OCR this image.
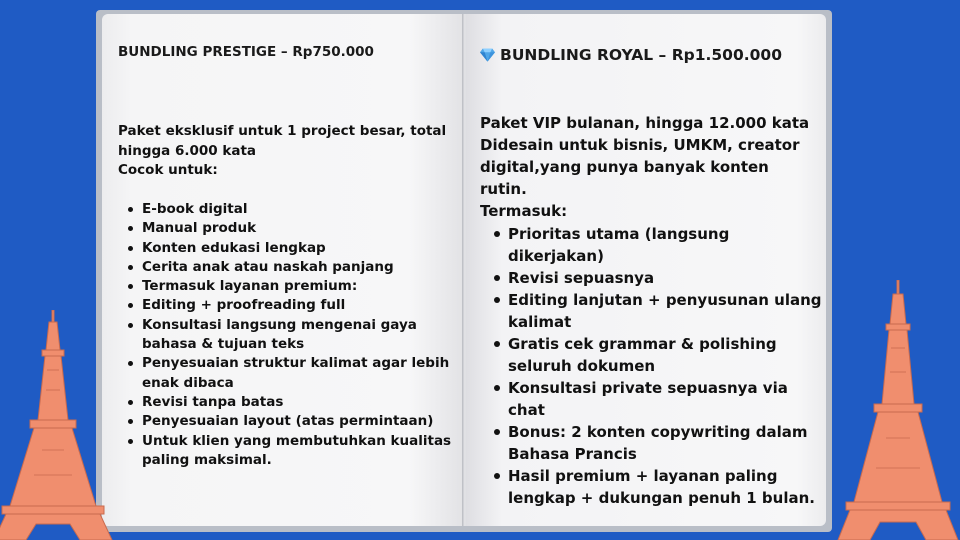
BUNDLING PRESTIGE – Rp750.000

Paket eksklusif untuk 1 project besar, total hingga 6.000 kata
Cocok untuk:

E-book digital
Manual produk
Konten edukasi lengkap
Cerita anak atau naskah panjang
Termasuk layanan premium:
Editing + proofreading full
Konsultasi langsung mengenai gaya bahasa & tujuan teks
Penyesuaian struktur kalimat agar lebih enak dibaca
Revisi tanpa batas
Penyesuaian layout (atas permintaan)
Untuk klien yang membutuhkan kualitas paling maksimal.
BUNDLING ROYAL – Rp1.500.000

Paket VIP bulanan, hingga 12.000 kata
Didesain untuk bisnis, UMKM, creator digital,yang punya banyak konten rutin.
Termasuk:

Prioritas utama (langsung dikerjakan)
Revisi sepuasnya
Editing lanjutan + penyusunan ulang kalimat
Gratis cek grammar & polishing seluruh dokumen
Konsultasi private sepuasnya via chat
Bonus: 2 konten copywriting dalam Bahasa Prancis
Hasil premium + layanan paling lengkap + dukungan penuh 1 bulan.
